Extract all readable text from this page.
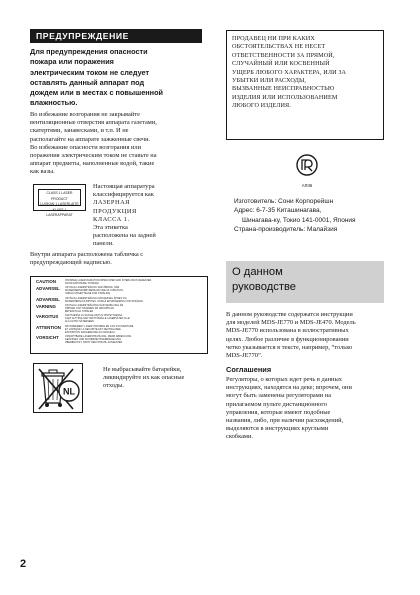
ПРЕДУПРЕЖДЕНИЕ
Для предупреждения опасности
пожара или поражения
электрическим током не следует
оставлять данный аппарат под
дождем или в местах с повышенной
влажностью.
Во избежание возгорания не закрывайте
вентиляционные отверстия аппарата газетами,
скатертями, занавесками, и т.п. И не
располагайте на аппарате зажженные свечи.
Во избежание опасности возгорания или
поражения электрическим током не ставьте на
аппарат предметы, наполненные водой, такие
как вазы.
CLASS 1 LASER PRODUCT
LUOKAN 1 LASERLAITE
KLASS 1 LASERAPPARAT
Настоящая аппаратура
классифицируется как
ЛАЗЕРНАЯ
ПРОДУКЦИЯ
КЛАССА 1.
Эта этикетка
расположена на задней
панели.
Внутри аппарата расположена табличка с
предупреждающей надписью.
CAUTION	INVISIBLE LASER RADIATION WHEN OPEN AND INTERLOCKS DEFEATED.
AVOID EXPOSURE TO BEAM.
ADVARSEL	USYNLIG LASERSTRÅLING VED ÅBNING, NÅR
SIKKERHEDSAFBRYDERE ER UDE AF FUNKTION.
UNDGÅ UDSÆTTELSE FOR STRÅLING.
ADVARSEL	USYNLIG LASERSTRÅLING NÅR DEKSEL ÅPNES OG
SIKKERHEDSLÅS BRYTES. UNNGÅ EKSPONERING FOR STRÅLEN.
VARNING	OSYNLIG LASERSTRÅLNING NÄR DENNA DEL ÄR
ÖPPNAD OCH SPÄRREN ÄR URKOPPLAD.
BETRAKTA EJ STRÅLEN.
VAROITUS	AVATTAESSA JA SUOJALUKITUS OHITETTAESSA
OLET ALTTIINA NÄKYMÄTTÖMÄLLE LASERSÄTEILYLLE.
ÄLÄ KATSO SÄTEESEEN.
ATTENTION	RAYONNEMENT LASER INVISIBLE EN CAS D'OUVERTURE
ET LORSQUE LA SECURITE EST NEUTRALISEE.
EXPOSITION DANGEREUSE AU FAISCEAU.
VORSICHT	UNSICHTBARE LASERSTRAHLUNG, WENN ABDECKUNG
GEÖFFNET UND SICHERHEITSVERRIEGELUNG
ÜBERBRÜCKT. NICHT DEM STRAHL AUSSETZEN.
NL
Не выбрасывайте батарейки,
ликвидируйте их как опасные
отходы.
2
ПРОДАВЕЦ НИ ПРИ КАКИХ
ОБСТОЯТЕЛЬСТВАХ НЕ НЕСЕТ
ОТВЕТСТВЕННОСТИ ЗА ПРЯМОЙ,
СЛУЧАЙНЫЙ ИЛИ КОСВЕННЫЙ
УЩЕРБ ЛЮБОГО ХАРАКТЕРА, ИЛИ ЗА
УБЫТКИ ИЛИ РАСХОДЫ,
ВЫЗВАННЫЕ НЕИСПРАВНОСТЬЮ
ИЗДЕЛИЯ ИЛИ ИСПОЛЬЗОВАНИЕМ
ЛЮБОГО ИЗДЕЛИЯ.
AЯ46
Изготовитель: Сони Корпорейшн
Адрес: 6-7-35 Киташинагава,
Шинагава-ку, Токио 141-0001, Япония
Страна-производитель: Малайзия
О данном
руководстве
В данном руководстве содержатся инструкции
для моделей MDS-JE770 и MDS-JE470. Модель
MDS-JE770 использована в иллюстративных
целях. Любое различие в функционировании
четко указывается в тексте, например, “только
MDS-JE770”.
Соглашения
Регуляторы, о которых идет речь в данных
инструкциях, находятся на деке; впрочем, они
могут быть заменены регуляторами на
прилагаемом пульте дистанционного
управления, которые имеют подобные
названия, либо, при наличии расхождений,
выделяются в инструкциях круглыми
скобками.
